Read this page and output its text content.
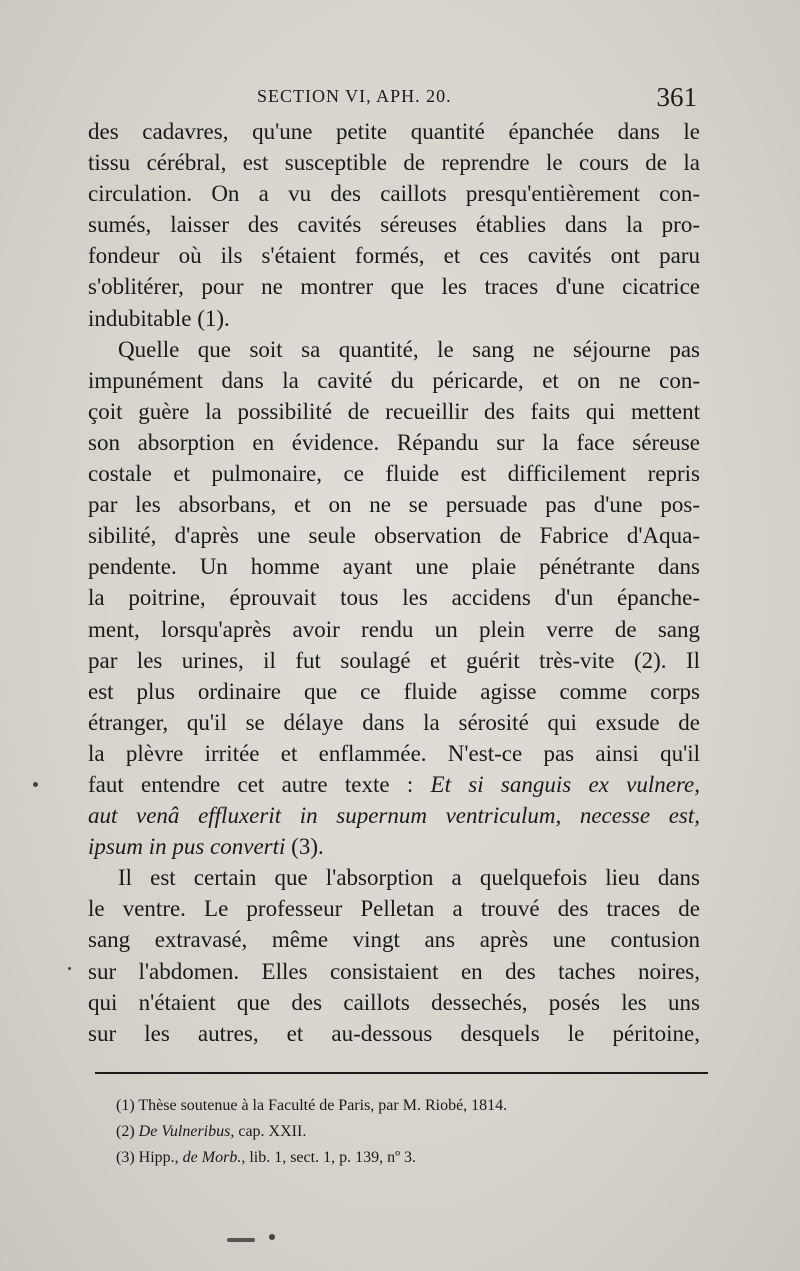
SECTION VI, APH. 20.	361
des cadavres, qu'une petite quantité épanchée dans le
tissu cérébral, est susceptible de reprendre le cours de la
circulation. On a vu des caillots presqu'entièrement con-
sumés, laisser des cavités séreuses établies dans la pro-
fondeur où ils s'étaient formés, et ces cavités ont paru
s'oblitérer, pour ne montrer que les traces d'une cicatrice
indubitable (1).
Quelle que soit sa quantité, le sang ne séjourne pas
impunément dans la cavité du péricarde, et on ne con-
çoit guère la possibilité de recueillir des faits qui mettent
son absorption en évidence. Répandu sur la face séreuse
costale et pulmonaire, ce fluide est difficilement repris
par les absorbans, et on ne se persuade pas d'une pos-
sibilité, d'après une seule observation de Fabrice d'Aqua-
pendente. Un homme ayant une plaie pénétrante dans
la poitrine, éprouvait tous les accidens d'un épanche-
ment, lorsqu'après avoir rendu un plein verre de sang
par les urines, il fut soulagé et guérit très-vite (2). Il
est plus ordinaire que ce fluide agisse comme corps
étranger, qu'il se délaye dans la sérosité qui exsude de
la plèvre irritée et enflammée. N'est-ce pas ainsi qu'il
faut entendre cet autre texte : Et si sanguis ex vulnere,
aut venâ effluxerit in supernum ventriculum, necesse est,
ipsum in pus converti (3).
Il est certain que l'absorption a quelquefois lieu dans
le ventre. Le professeur Pelletan a trouvé des traces de
sang extravasé, même vingt ans après une contusion
sur l'abdomen. Elles consistaient en des taches noires,
qui n'étaient que des caillots dessechés, posés les uns
sur les autres, et au-dessous desquels le péritoine,
(1) Thèse soutenue à la Faculté de Paris, par M. Riobé, 1814.
(2) De Vulneribus, cap. XXII.
(3) Hipp., de Morb., lib. 1, sect. 1, p. 139, nº 3.
